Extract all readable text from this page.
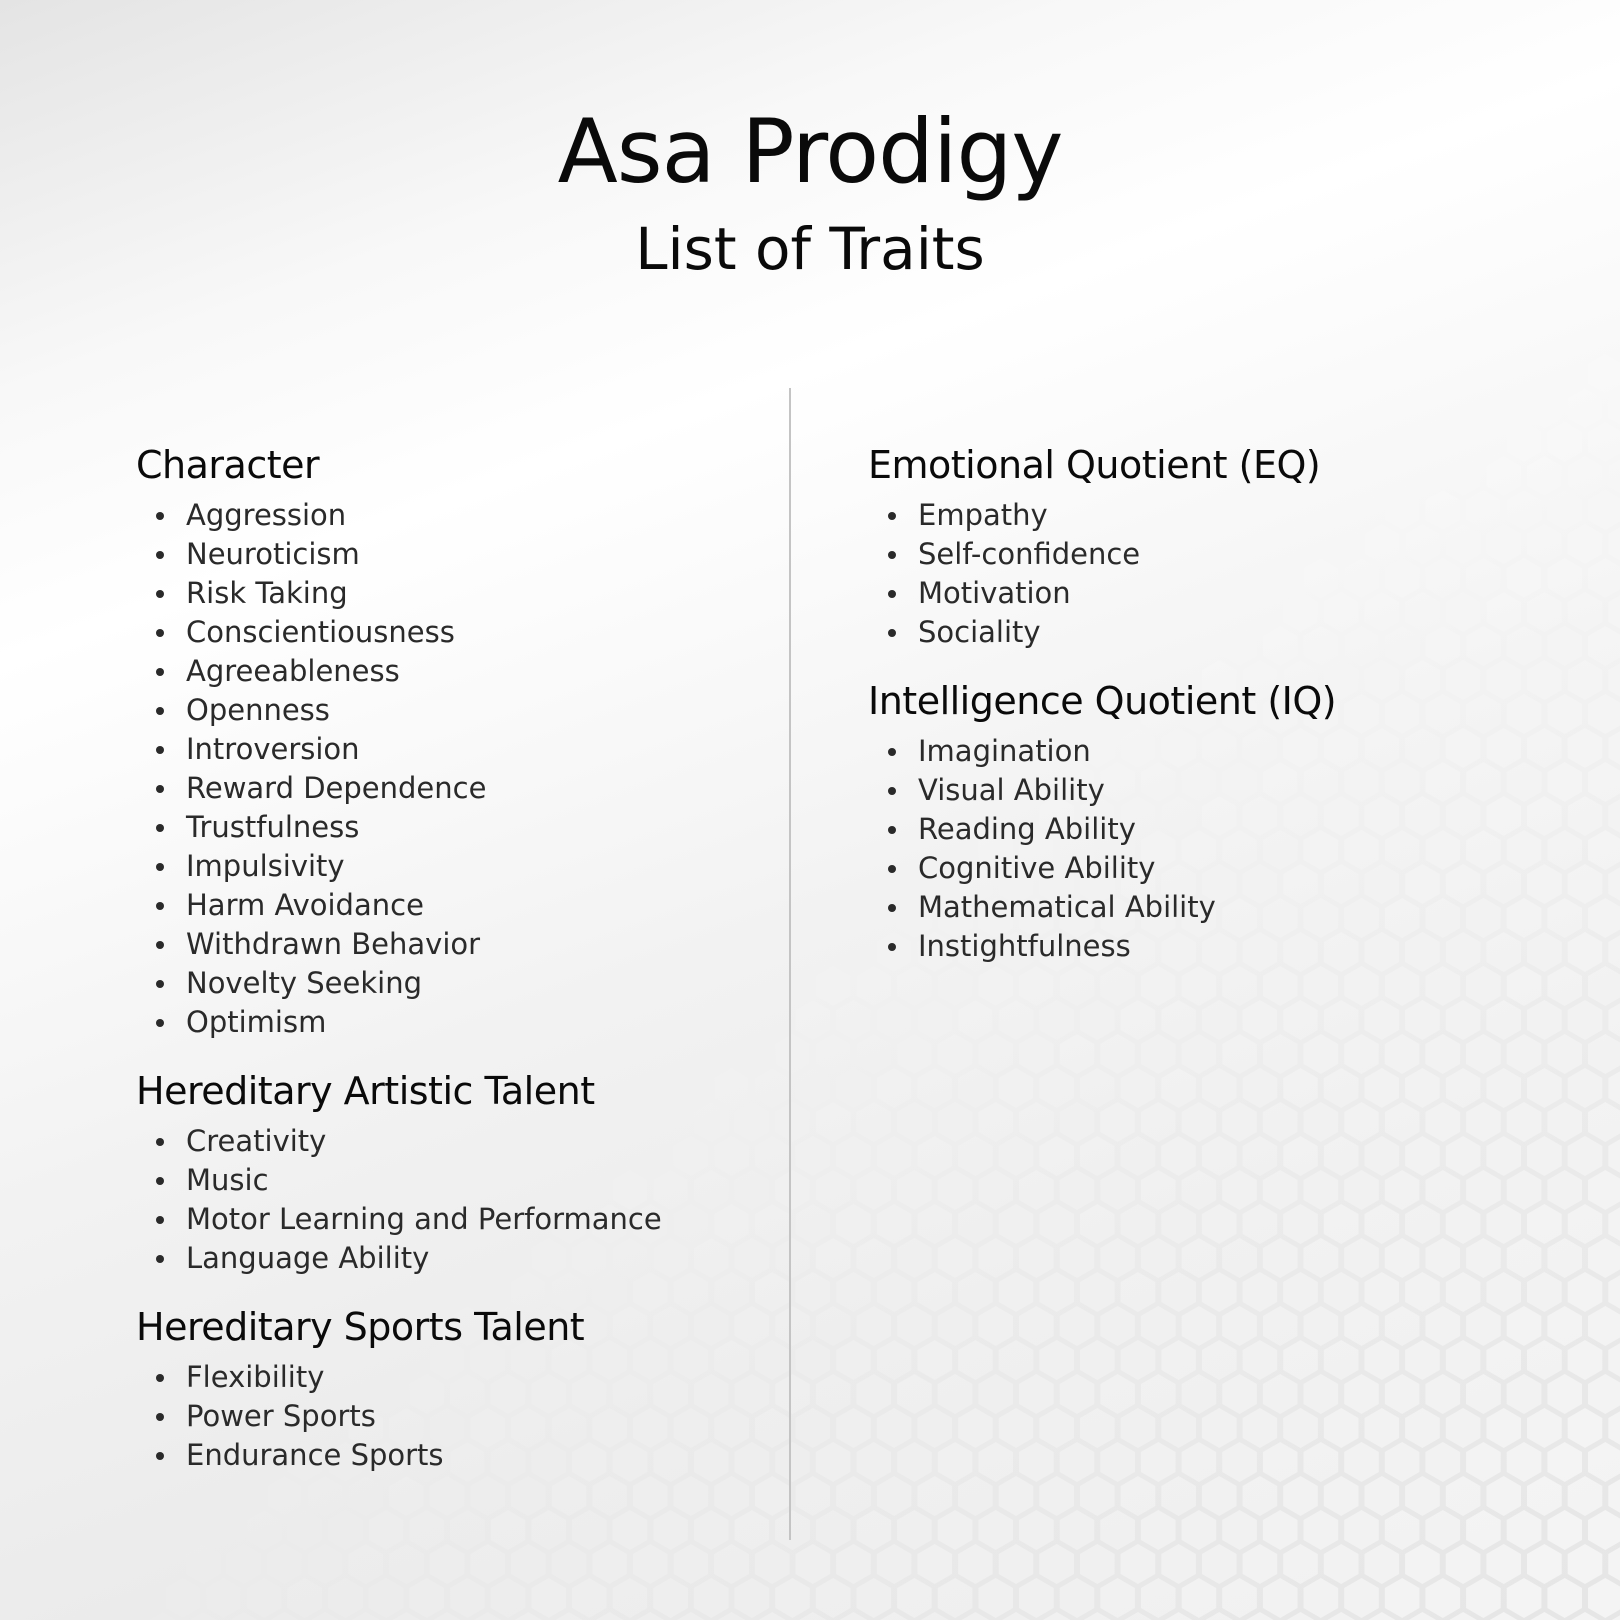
Asa Prodigy
List of Traits
Character
Aggression
Neuroticism
Risk Taking
Conscientiousness
Agreeableness
Openness
Introversion
Reward Dependence
Trustfulness
Impulsivity
Harm Avoidance
Withdrawn Behavior
Novelty Seeking
Optimism
Hereditary Artistic Talent
Creativity
Music
Motor Learning and Performance
Language Ability
Hereditary Sports Talent
Flexibility
Power Sports
Endurance Sports
Emotional Quotient (EQ)
Empathy
Self-confidence
Motivation
Sociality
Intelligence Quotient (IQ)
Imagination
Visual Ability
Reading Ability
Cognitive Ability
Mathematical Ability
Instightfulness
